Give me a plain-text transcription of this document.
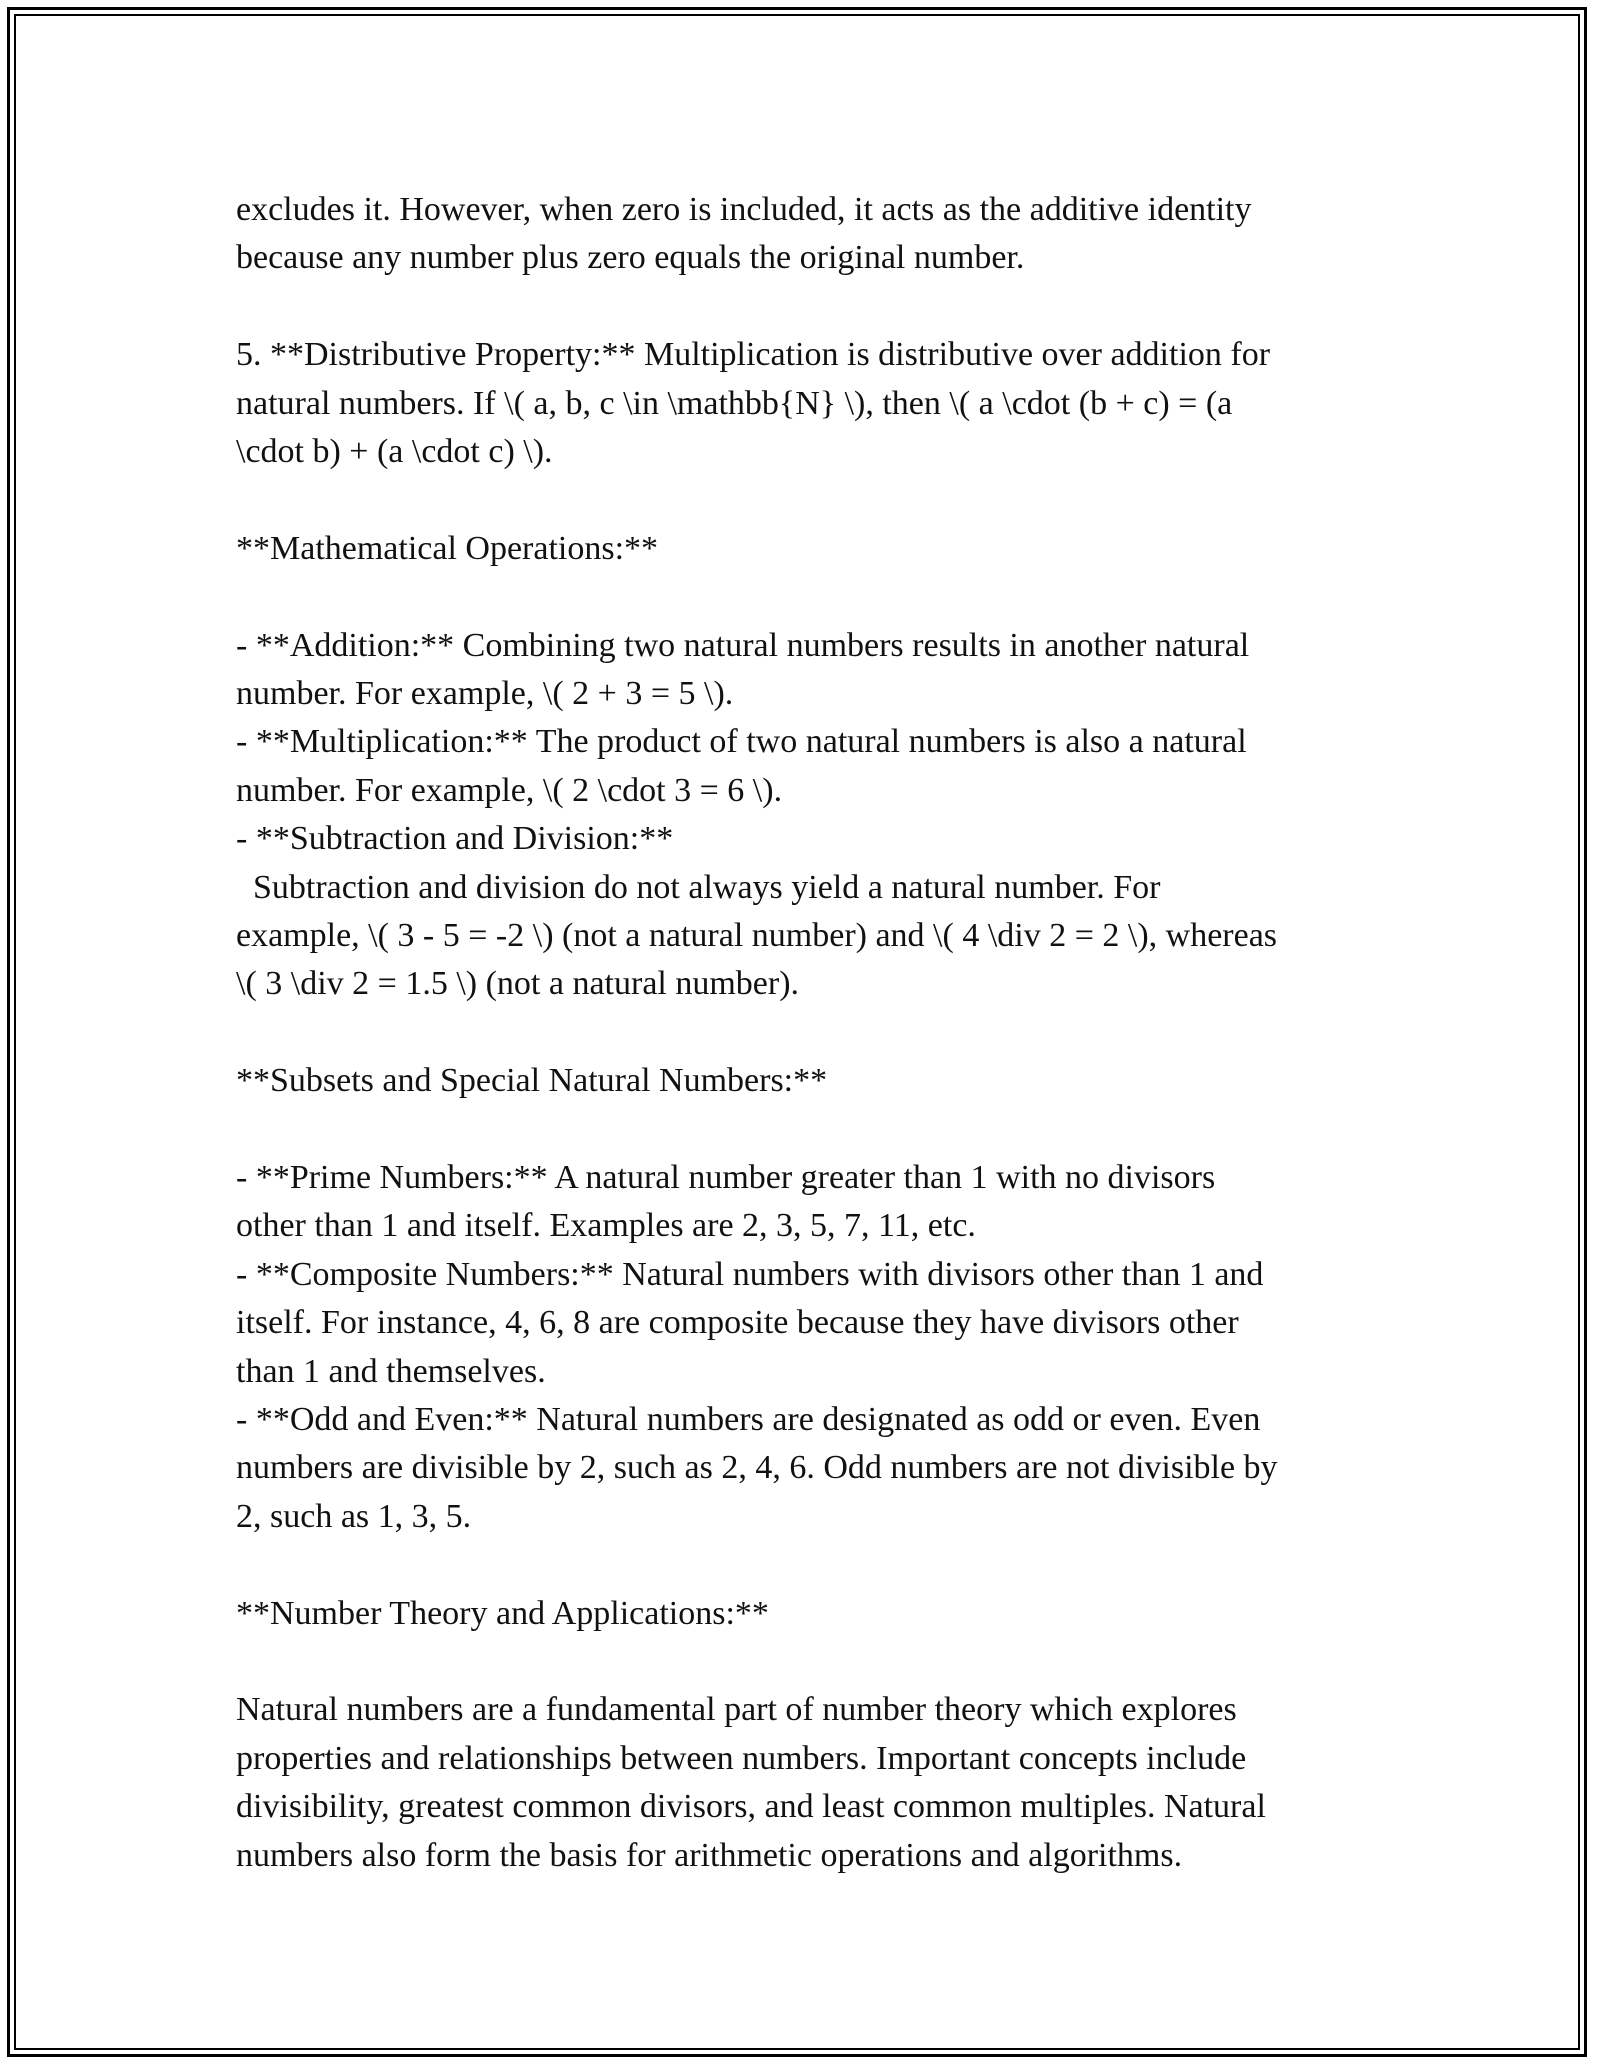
excludes it. However, when zero is included, it acts as the additive identity
because any number plus zero equals the original number.
5. **Distributive Property:** Multiplication is distributive over addition for
natural numbers. If \( a, b, c \in \mathbb{N} \), then \( a \cdot (b + c) = (a
\cdot b) + (a \cdot c) \).
**Mathematical Operations:**
- **Addition:** Combining two natural numbers results in another natural
number. For example, \( 2 + 3 = 5 \).
- **Multiplication:** The product of two natural numbers is also a natural
number. For example, \( 2 \cdot 3 = 6 \).
- **Subtraction and Division:**
Subtraction and division do not always yield a natural number. For
example, \( 3 - 5 = -2 \) (not a natural number) and \( 4 \div 2 = 2 \), whereas
\( 3 \div 2 = 1.5 \) (not a natural number).
**Subsets and Special Natural Numbers:**
- **Prime Numbers:** A natural number greater than 1 with no divisors
other than 1 and itself. Examples are 2, 3, 5, 7, 11, etc.
- **Composite Numbers:** Natural numbers with divisors other than 1 and
itself. For instance, 4, 6, 8 are composite because they have divisors other
than 1 and themselves.
- **Odd and Even:** Natural numbers are designated as odd or even. Even
numbers are divisible by 2, such as 2, 4, 6. Odd numbers are not divisible by
2, such as 1, 3, 5.
**Number Theory and Applications:**
Natural numbers are a fundamental part of number theory which explores
properties and relationships between numbers. Important concepts include
divisibility, greatest common divisors, and least common multiples. Natural
numbers also form the basis for arithmetic operations and algorithms.
